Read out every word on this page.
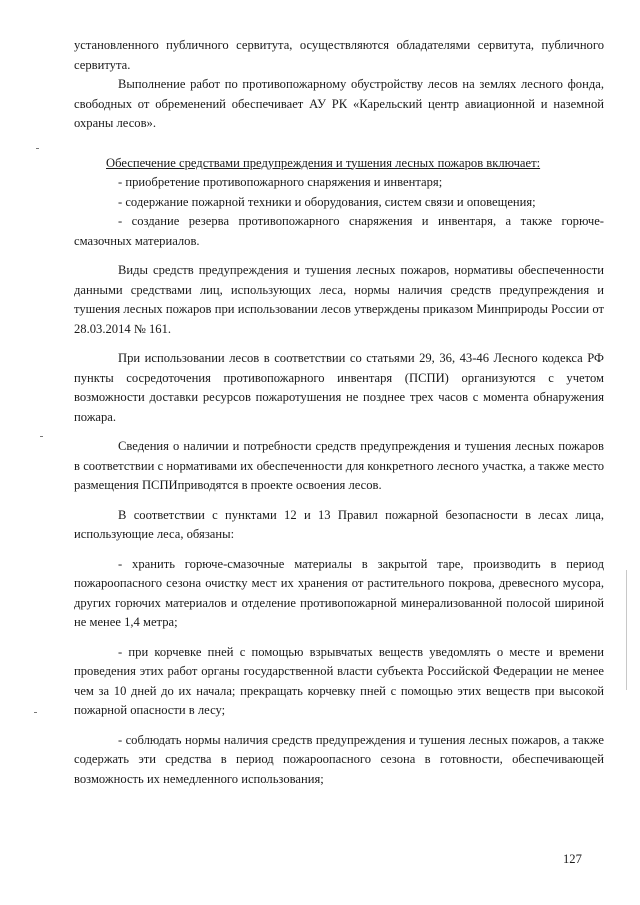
установленного публичного сервитута, осуществляются обладателями сервитута, публичного сервитута.

Выполнение работ по противопожарному обустройству лесов на землях лесного фонда, свободных от обременений обеспечивает АУ РК «Карельский центр авиационной и наземной охраны лесов».

Обеспечение средствами предупреждения и тушения лесных пожаров включает:

- приобретение противопожарного снаряжения и инвентаря;

- содержание пожарной техники и оборудования, систем связи и оповещения;

- создание резерва противопожарного снаряжения и инвентаря, а также горюче-смазочных материалов.

Виды средств предупреждения и тушения лесных пожаров, нормативы обеспеченности данными средствами лиц, использующих леса, нормы наличия средств предупреждения и тушения лесных пожаров при использовании лесов утверждены приказом Минприроды России от 28.03.2014 № 161.

При использовании лесов в соответствии со статьями 29, 36, 43-46 Лесного кодекса РФ пункты сосредоточения противопожарного инвентаря (ПСПИ) организуются с учетом возможности доставки ресурсов пожаротушения не позднее трех часов с момента обнаружения пожара.

Сведения о наличии и потребности средств предупреждения и тушения лесных пожаров в соответствии с нормативами их обеспеченности для конкретного лесного участка, а также место размещения ПСПИприводятся в проекте освоения лесов.

В соответствии с пунктами 12 и 13 Правил пожарной безопасности в лесах лица, использующие леса, обязаны:

- хранить горюче-смазочные материалы в закрытой таре, производить в период пожароопасного сезона очистку мест их хранения от растительного покрова, древесного мусора, других горючих материалов и отделение противопожарной минерализованной полосой шириной не менее 1,4 метра;

- при корчевке пней с помощью взрывчатых веществ уведомлять о месте и времени проведения этих работ органы государственной власти субъекта Российской Федерации не менее чем за 10 дней до их начала; прекращать корчевку пней с помощью этих веществ при высокой пожарной опасности в лесу;

- соблюдать нормы наличия средств предупреждения и тушения лесных пожаров, а также содержать эти средства в период пожароопасного сезона в готовности, обеспечивающей возможность их немедленного использования;

127
